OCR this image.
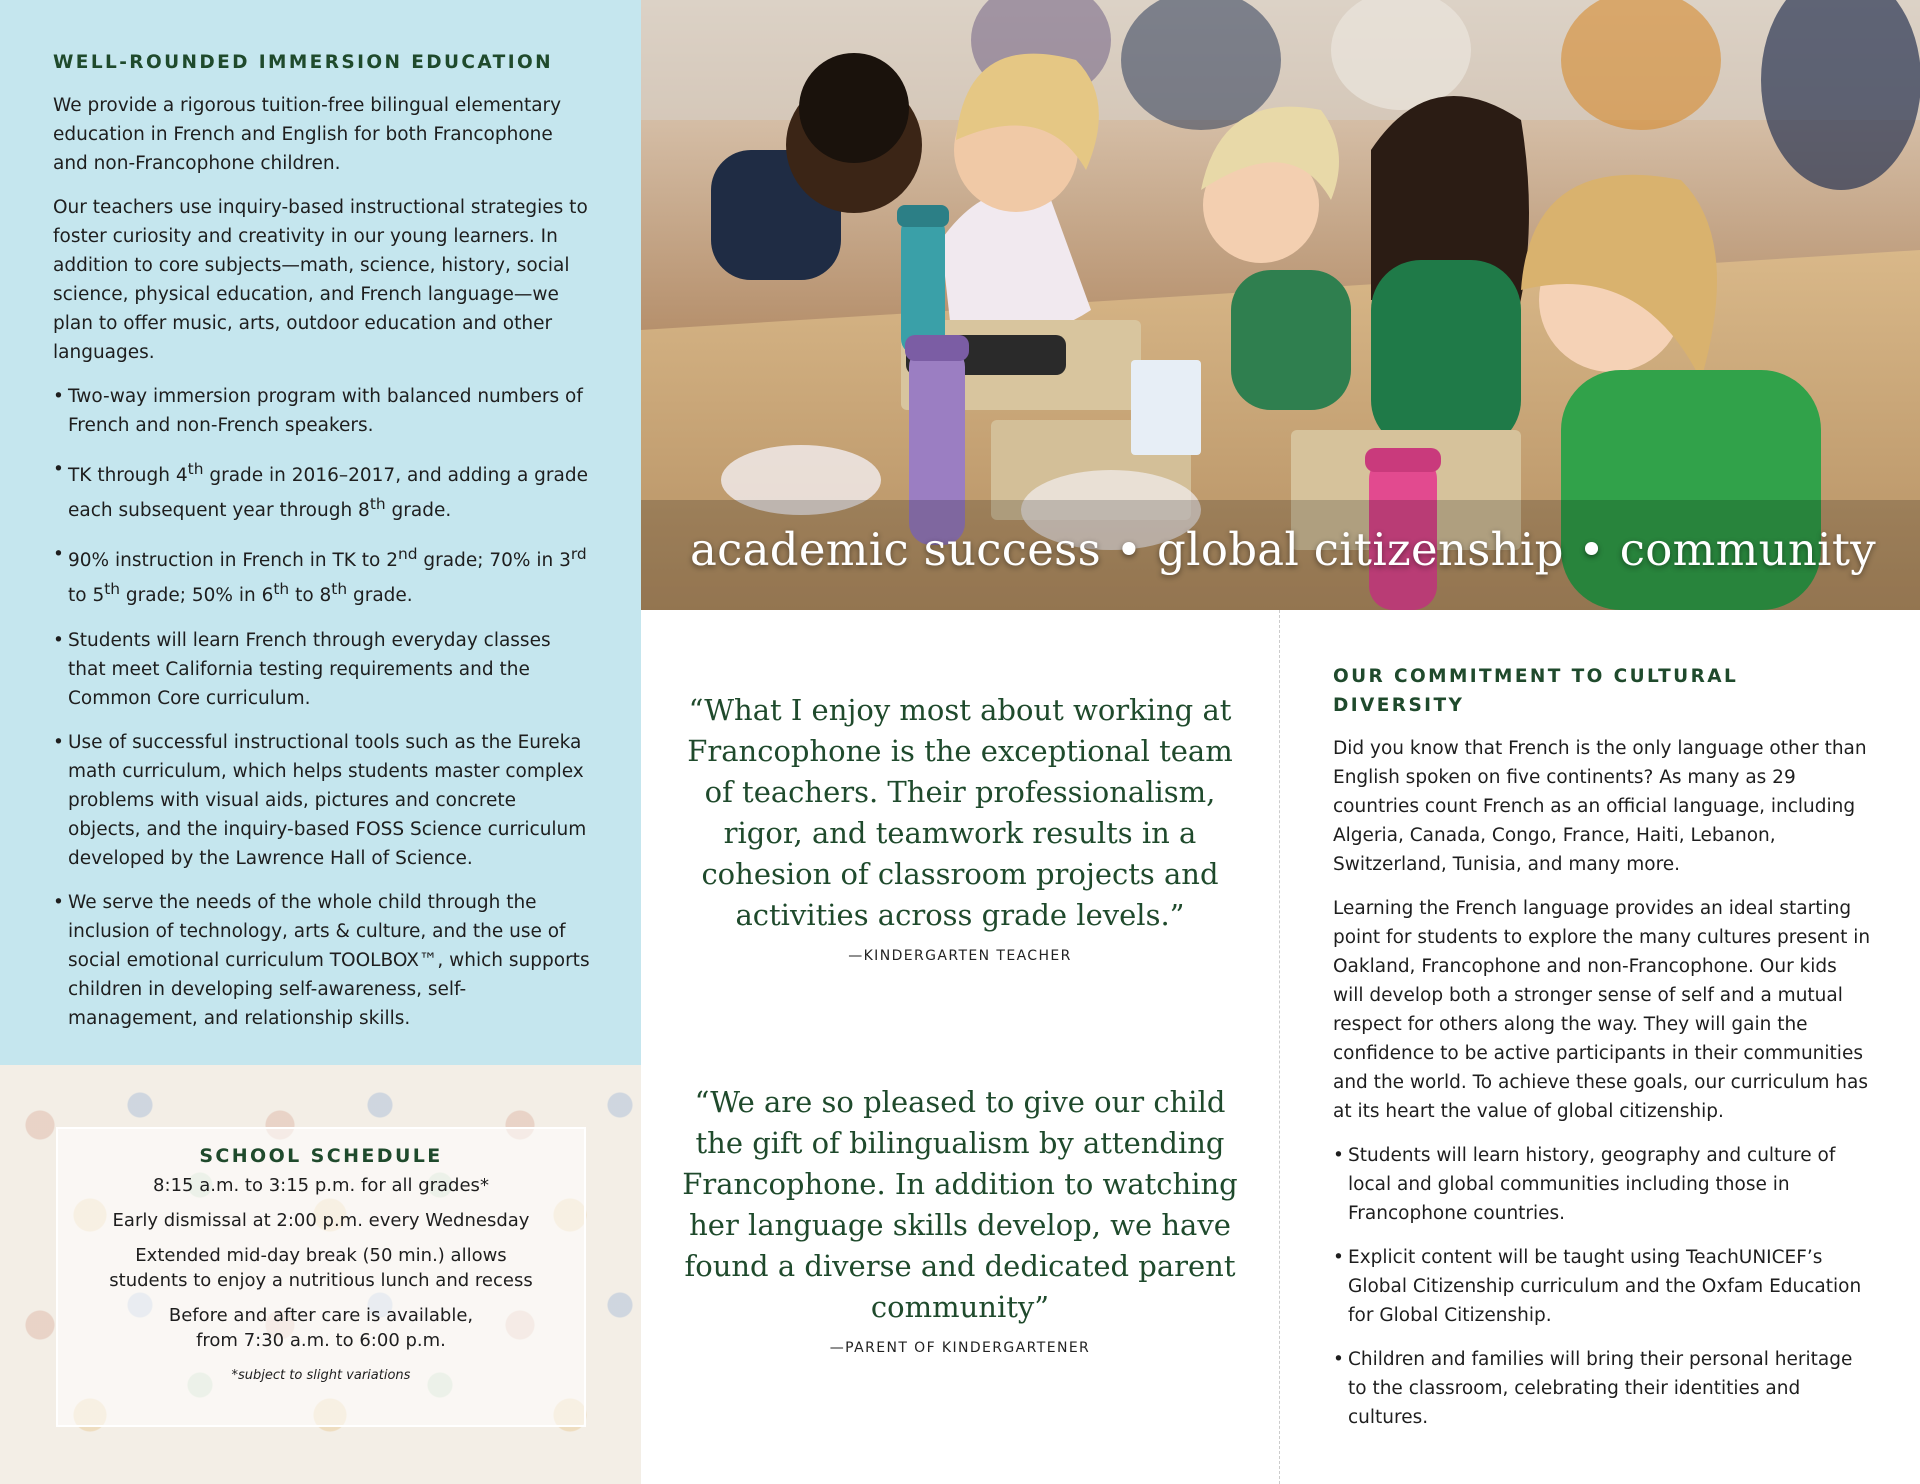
WELL-ROUNDED IMMERSION EDUCATION

We provide a rigorous tuition-free bilingual elementary education in French and English for both Francophone and non-Francophone children.

Our teachers use inquiry-based instructional strategies to foster curiosity and creativity in our young learners. In addition to core subjects—math, science, history, social science, physical education, and French language—we plan to offer music, arts, outdoor education and other languages.

• Two-way immersion program with balanced numbers of French and non-French speakers.
• TK through 4th grade in 2016–2017, and adding a grade each subsequent year through 8th grade.
• 90% instruction in French in TK to 2nd grade; 70% in 3rd to 5th grade; 50% in 6th to 8th grade.
• Students will learn French through everyday classes that meet California testing requirements and the Common Core curriculum.
• Use of successful instructional tools such as the Eureka math curriculum, which helps students master complex problems with visual aids, pictures and concrete objects, and the inquiry-based FOSS Science curriculum developed by the Lawrence Hall of Science.
• We serve the needs of the whole child through the inclusion of technology, arts & culture, and the use of social emotional curriculum TOOLBOX™, which supports children in developing self-awareness, self-management, and relationship skills.
SCHOOL SCHEDULE

8:15 a.m. to 3:15 p.m. for all grades*

Early dismissal at 2:00 p.m. every Wednesday

Extended mid-day break (50 min.) allows
students to enjoy a nutritious lunch and recess

Before and after care is available,
from 7:30 a.m. to 6:00 p.m.

*subject to slight variations

academic success • global citizenship • community

“What I enjoy most about working at Francophone is the exceptional team of teachers. Their professionalism, rigor, and teamwork results in a cohesion of classroom projects and activities across grade levels.”

—KINDERGARTEN TEACHER

“We are so pleased to give our child the gift of bilingualism by attending Francophone. In addition to watching her language skills develop, we have found a diverse and dedicated parent community”

—PARENT OF KINDERGARTENER

OUR COMMITMENT TO CULTURAL DIVERSITY

Did you know that French is the only language other than English spoken on five continents? As many as 29 countries count French as an official language, including Algeria, Canada, Congo, France, Haiti, Lebanon, Switzerland, Tunisia, and many more.

Learning the French language provides an ideal starting point for students to explore the many cultures present in Oakland, Francophone and non-Francophone. Our kids will develop both a stronger sense of self and a mutual respect for others along the way. They will gain the confidence to be active participants in their communities and the world. To achieve these goals, our curriculum has at its heart the value of global citizenship.

• Students will learn history, geography and culture of local and global communities including those in Francophone countries.
• Explicit content will be taught using TeachUNICEF’s Global Citizenship curriculum and the Oxfam Education for Global Citizenship.
• Children and families will bring their personal heritage to the classroom, celebrating their identities and cultures.
